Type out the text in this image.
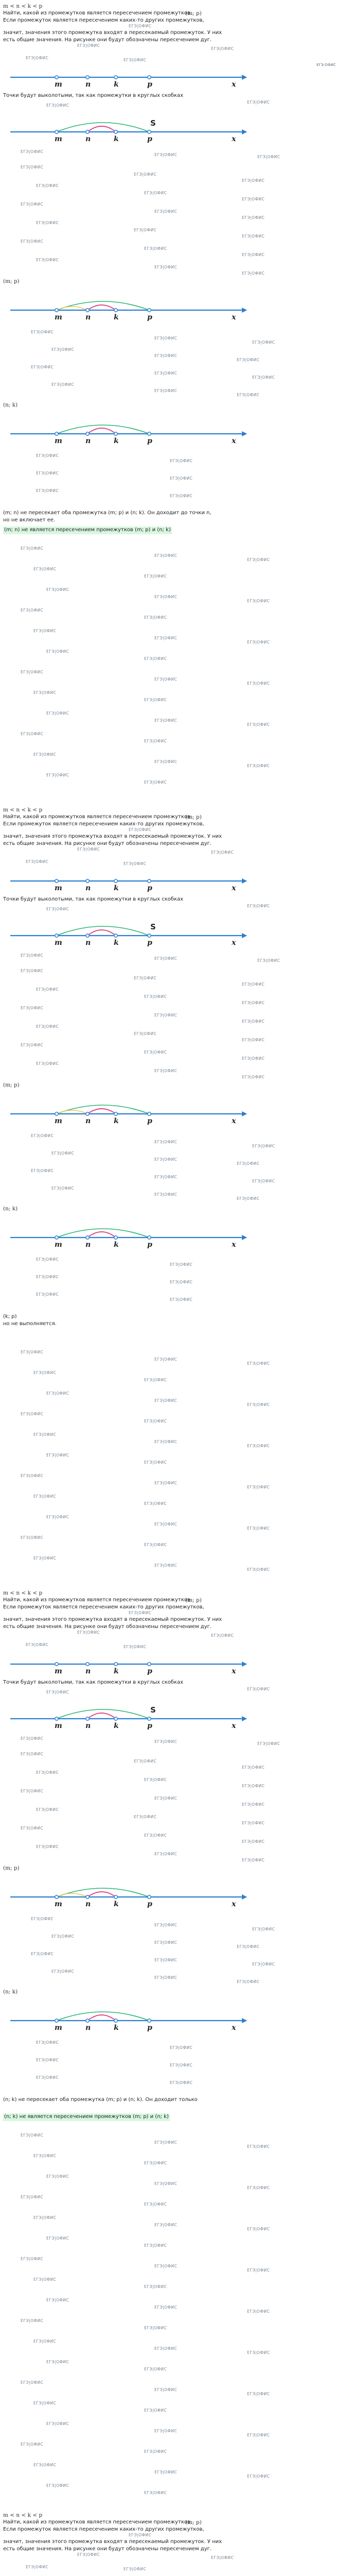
m < n < k < p
Найти, какой из промежутков является пересечением промежутков
(m; p)
Если промежуток является пересечением каких-то других промежутков,
ЕГЭ|ОФИС
значит, значения этого промежутка входят в пересекаемый промежуток. У них
есть общие значения. На рисунке они будут обозначены пересечением дуг.
ЕГЭ|ОФИС
ЕГЭ|ОФИС
ЕГЭ|ОФИС	ЕГЭ|ОФИС
m	n	k	p	x
Точки будут выколотыми, так как промежутки в круглых скобках
ЕГЭ|ОФИС
ЕГЭ|ОФИС
m	n	k	p	x
S
ЕГЭ|ОФИС
ЕГЭ|ОФИС	ЕГЭ|ОФИС
ЕГЭ|ОФИС
ЕГЭ|ОФИС
ЕГЭ|ОФИС
ЕГЭ|ОФИС
ЕГЭ|ОФИС
ЕГЭ|ОФИС
ЕГЭ|ОФИС
ЕГЭ|ОФИС
ЕГЭ|ОФИС
ЕГЭ|ОФИС
ЕГЭ|ОФИС
ЕГЭ|ОФИС
ЕГЭ|ОФИС
ЕГЭ|ОФИС
ЕГЭ|ОФИС
ЕГЭ|ОФИС
ЕГЭ|ОФИС
ЕГЭ|ОФИС
(m; p)
m	n	k	p	x
ЕГЭ|ОФИС
ЕГЭ|ОФИС
ЕГЭ|ОФИС
ЕГЭ|ОФИС
ЕГЭ|ОФИС
ЕГЭ|ОФИС
ЕГЭ|ОФИС
ЕГЭ|ОФИС
ЕГЭ|ОФИС
ЕГЭ|ОФИС
ЕГЭ|ОФИС
ЕГЭ|ОФИС
(n; k)
m	n	k	p	x
ЕГЭ|ОФИС
ЕГЭ|ОФИС
ЕГЭ|ОФИС
ЕГЭ|ОФИС
ЕГЭ|ОФИС
ЕГЭ|ОФИС
(m; n) не пересекает оба промежутка (m; p) и (n; k). Он доходит до точки n,
но не включает ее.
(m; n) не является пересечением промежутков (m; p) и (n; k)
ЕГЭ|ОФИС
ЕГЭ|ОФИС
ЕГЭ|ОФИС
ЕГЭ|ОФИС
ЕГЭ|ОФИС
ЕГЭ|ОФИС
ЕГЭ|ОФИС
ЕГЭ|ОФИС
ЕГЭ|ОФИС
ЕГЭ|ОФИС
ЕГЭ|ОФИС
ЕГЭ|ОФИС
ЕГЭ|ОФИС
ЕГЭ|ОФИС
ЕГЭ|ОФИС
ЕГЭ|ОФИС
ЕГЭ|ОФИС
ЕГЭ|ОФИС
ЕГЭ|ОФИС
ЕГЭ|ОФИС
ЕГЭ|ОФИС
ЕГЭ|ОФИС
ЕГЭ|ОФИС
ЕГЭ|ОФИС
ЕГЭ|ОФИС
ЕГЭ|ОФИС
ЕГЭ|ОФИС
ЕГЭ|ОФИС
ЕГЭ|ОФИС
ЕГЭ|ОФИС
m < n < k < p
Найти, какой из промежутков является пересечением промежутков
(m; p)
Если промежуток является пересечением каких-то других промежутков,
ЕГЭ|ОФИС
значит, значения этого промежутка входят в пересекаемый промежуток. У них
есть общие значения. На рисунке они будут обозначены пересечением дуг.
ЕГЭ|ОФИС
ЕГЭ|ОФИС
ЕГЭ|ОФИС	ЕГЭ|ОФИС
m	n	k	p	x
Точки будут выколотыми, так как промежутки в круглых скобках
ЕГЭ|ОФИС
ЕГЭ|ОФИС
m	n	k	p	x
S
ЕГЭ|ОФИС
ЕГЭ|ОФИС	ЕГЭ|ОФИС
ЕГЭ|ОФИС
ЕГЭ|ОФИС
ЕГЭ|ОФИС
ЕГЭ|ОФИС
ЕГЭ|ОФИС
ЕГЭ|ОФИС
ЕГЭ|ОФИС
ЕГЭ|ОФИС
ЕГЭ|ОФИС
ЕГЭ|ОФИС
ЕГЭ|ОФИС
ЕГЭ|ОФИС
ЕГЭ|ОФИС
ЕГЭ|ОФИС
ЕГЭ|ОФИС
ЕГЭ|ОФИС
ЕГЭ|ОФИС
ЕГЭ|ОФИС
(m; p)
m	n	k	p	x
ЕГЭ|ОФИС
ЕГЭ|ОФИС
ЕГЭ|ОФИС
ЕГЭ|ОФИС
ЕГЭ|ОФИС
ЕГЭ|ОФИС
ЕГЭ|ОФИС
ЕГЭ|ОФИС
ЕГЭ|ОФИС
ЕГЭ|ОФИС
ЕГЭ|ОФИС
ЕГЭ|ОФИС
(n; k)
m	n	k	p	x
ЕГЭ|ОФИС
ЕГЭ|ОФИС
ЕГЭ|ОФИС
ЕГЭ|ОФИС
ЕГЭ|ОФИС
ЕГЭ|ОФИС
(k; p)
но не выполняется.
ЕГЭ|ОФИС
ЕГЭ|ОФИС
ЕГЭ|ОФИС
ЕГЭ|ОФИС
ЕГЭ|ОФИС
ЕГЭ|ОФИС
ЕГЭ|ОФИС
ЕГЭ|ОФИС
ЕГЭ|ОФИС
ЕГЭ|ОФИС
ЕГЭ|ОФИС
ЕГЭ|ОФИС
ЕГЭ|ОФИС
ЕГЭ|ОФИС
ЕГЭ|ОФИС
ЕГЭ|ОФИС
ЕГЭ|ОФИС
ЕГЭ|ОФИС
ЕГЭ|ОФИС
ЕГЭ|ОФИС
ЕГЭ|ОФИС
ЕГЭ|ОФИС
ЕГЭ|ОФИС
ЕГЭ|ОФИС
ЕГЭ|ОФИС
ЕГЭ|ОФИС
ЕГЭ|ОФИС
ЕГЭ|ОФИС
m < n < k < p
Найти, какой из промежутков является пересечением промежутков
(m; p)
Если промежуток является пересечением каких-то других промежутков,
ЕГЭ|ОФИС
значит, значения этого промежутка входят в пересекаемый промежуток. У них
есть общие значения. На рисунке они будут обозначены пересечением дуг.
ЕГЭ|ОФИС
ЕГЭ|ОФИС
ЕГЭ|ОФИС	ЕГЭ|ОФИС
m	n	k	p	x
Точки будут выколотыми, так как промежутки в круглых скобках
ЕГЭ|ОФИС
ЕГЭ|ОФИС
m	n	k	p	x
S
ЕГЭ|ОФИС
ЕГЭ|ОФИС	ЕГЭ|ОФИС
ЕГЭ|ОФИС
ЕГЭ|ОФИС
ЕГЭ|ОФИС
ЕГЭ|ОФИС
ЕГЭ|ОФИС
ЕГЭ|ОФИС
ЕГЭ|ОФИС
ЕГЭ|ОФИС
ЕГЭ|ОФИС
ЕГЭ|ОФИС
ЕГЭ|ОФИС
ЕГЭ|ОФИС
ЕГЭ|ОФИС
ЕГЭ|ОФИС
ЕГЭ|ОФИС
ЕГЭ|ОФИС
ЕГЭ|ОФИС
ЕГЭ|ОФИС
(m; p)
m	n	k	p	x
ЕГЭ|ОФИС
ЕГЭ|ОФИС
ЕГЭ|ОФИС
ЕГЭ|ОФИС
ЕГЭ|ОФИС
ЕГЭ|ОФИС
ЕГЭ|ОФИС
ЕГЭ|ОФИС
ЕГЭ|ОФИС
ЕГЭ|ОФИС
ЕГЭ|ОФИС
ЕГЭ|ОФИС
(n; k)
m	n	k	p	x
ЕГЭ|ОФИС
ЕГЭ|ОФИС
ЕГЭ|ОФИС
ЕГЭ|ОФИС
ЕГЭ|ОФИС
ЕГЭ|ОФИС
(n; k) не пересекает оба промежутка (m; p) и (n; k). Он доходит только
(n; k) не является пересечением промежутков (m; p) и (n; k)
ЕГЭ|ОФИС
ЕГЭ|ОФИС
ЕГЭ|ОФИС
ЕГЭ|ОФИС
ЕГЭ|ОФИС
ЕГЭ|ОФИС
ЕГЭ|ОФИС
ЕГЭ|ОФИС
ЕГЭ|ОФИС
ЕГЭ|ОФИС
ЕГЭ|ОФИС
ЕГЭ|ОФИС
ЕГЭ|ОФИС
ЕГЭ|ОФИС
ЕГЭ|ОФИС
ЕГЭ|ОФИС
ЕГЭ|ОФИС
ЕГЭ|ОФИС
ЕГЭ|ОФИС
ЕГЭ|ОФИС
ЕГЭ|ОФИС
ЕГЭ|ОФИС
ЕГЭ|ОФИС
ЕГЭ|ОФИС
ЕГЭ|ОФИС
ЕГЭ|ОФИС
ЕГЭ|ОФИС
ЕГЭ|ОФИС
ЕГЭ|ОФИС
ЕГЭ|ОФИС
ЕГЭ|ОФИС
ЕГЭ|ОФИС
ЕГЭ|ОФИС
ЕГЭ|ОФИС
ЕГЭ|ОФИС
ЕГЭ|ОФИС
ЕГЭ|ОФИС
ЕГЭ|ОФИС
ЕГЭ|ОФИС
ЕГЭ|ОФИС
ЕГЭ|ОФИС
ЕГЭ|ОФИС
ЕГЭ|ОФИС
ЕГЭ|ОФИС
ЕГЭ|ОФИС
m < n < k < p
Найти, какой из промежутков является пересечением промежутков
(m; p)
Если промежуток является пересечением каких-то других промежутков,
ЕГЭ|ОФИС
значит, значения этого промежутка входят в пересекаемый промежуток. У них
есть общие значения. На рисунке они будут обозначены пересечением дуг.
ЕГЭ|ОФИС
ЕГЭ|ОФИС
ЕГЭ|ОФИС	ЕГЭ|ОФИС
ЕГЭ.ОФИС
